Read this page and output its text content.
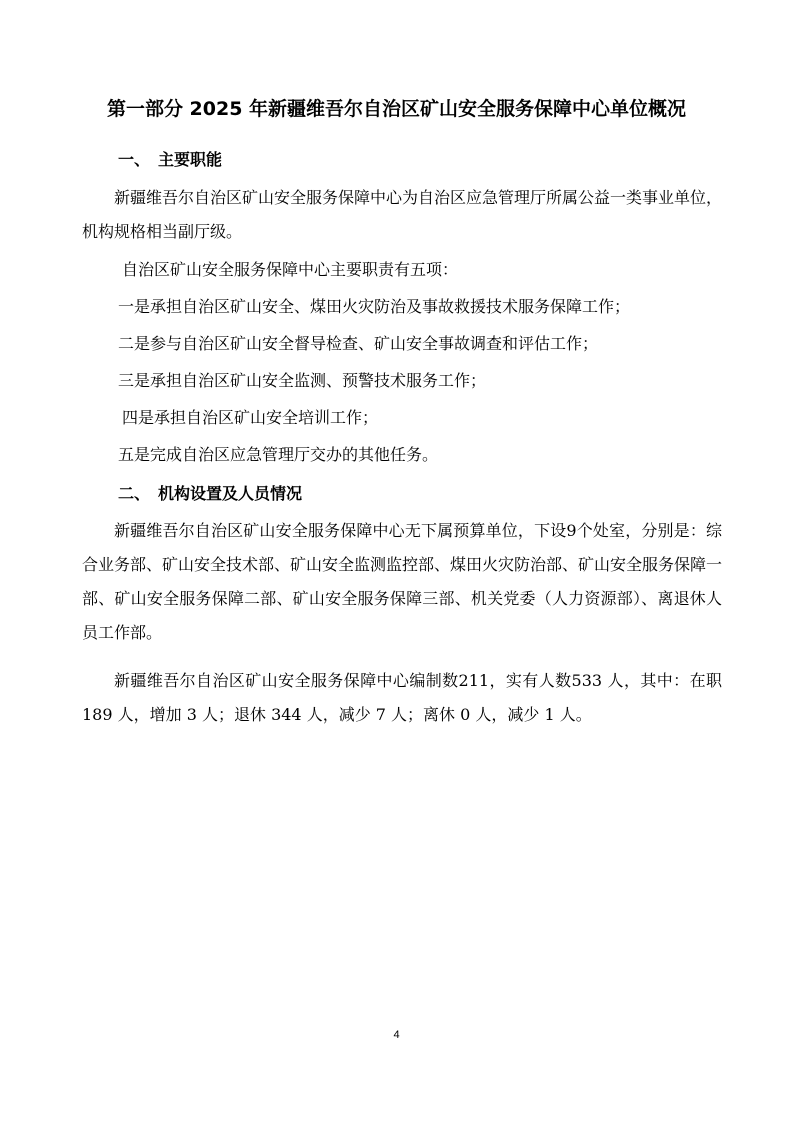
第一部分 2025 年新疆维吾尔自治区矿山安全服务保障中心单位概况
一、 主要职能

新疆维吾尔自治区矿山安全服务保障中心为自治区应急管理厅所属公益一类事业单位，机构规格相当副厅级。

自治区矿山安全服务保障中心主要职责有五项：

一是承担自治区矿山安全、煤田火灾防治及事故救援技术服务保障工作；

二是参与自治区矿山安全督导检查、矿山安全事故调查和评估工作；

三是承担自治区矿山安全监测、预警技术服务工作；

四是承担自治区矿山安全培训工作；

五是完成自治区应急管理厅交办的其他任务。

二、 机构设置及人员情况

新疆维吾尔自治区矿山安全服务保障中心无下属预算单位，下设9个处室，分别是：综合业务部、矿山安全技术部、矿山安全监测监控部、煤田火灾防治部、矿山安全服务保障一部、矿山安全服务保障二部、矿山安全服务保障三部、机关党委（人力资源部）、离退休人员工作部。

新疆维吾尔自治区矿山安全服务保障中心编制数211，实有人数533 人，其中：在职 189 人，增加 3 人；退休 344 人，减少 7 人；离休 0 人，减少 1 人。

4
